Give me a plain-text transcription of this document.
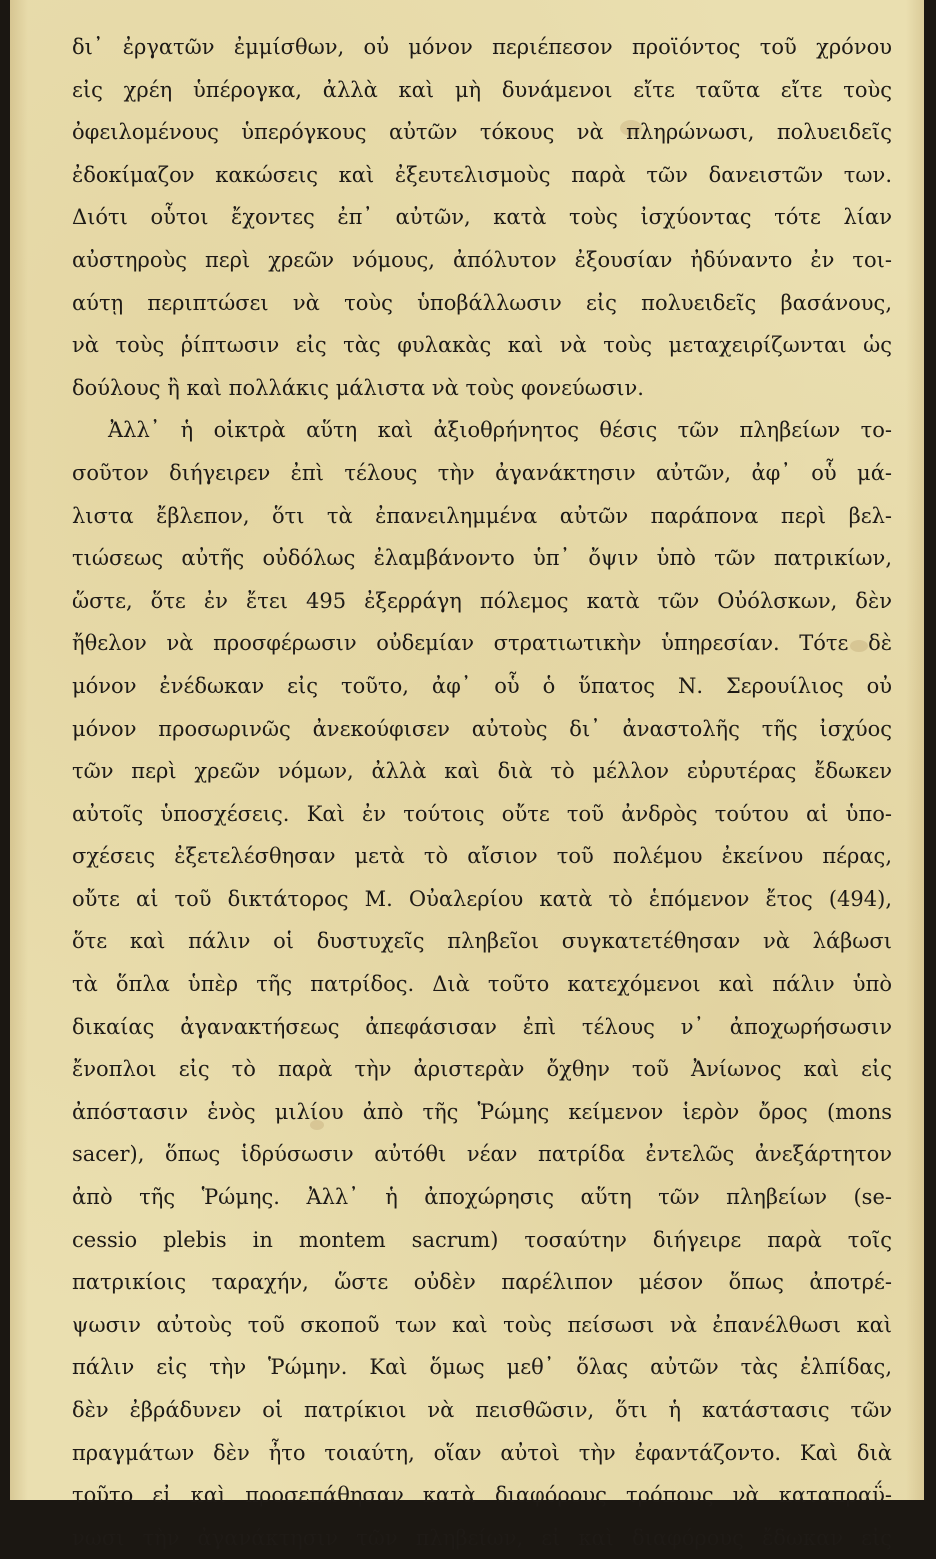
δι᾽ ἐργατῶν ἐμμίσθων, οὐ μόνον περιέπεσον προϊόντος τοῦ χρόνου
εἰς χρέη ὑπέρογκα, ἀλλὰ καὶ μὴ δυνάμενοι εἴτε ταῦτα εἴτε τοὺς
ὀφειλομένους ὑπερόγκους αὐτῶν τόκους νὰ πληρώνωσι, πολυειδεῖς
ἐδοκίμαζον κακώσεις καὶ ἐξευτελισμοὺς παρὰ τῶν δανειστῶν των.
Διότι οὗτοι ἔχοντες ἐπ᾽ αὐτῶν, κατὰ τοὺς ἰσχύοντας τότε λίαν
αὐστηροὺς περὶ χρεῶν νόμους, ἀπόλυτον ἐξουσίαν ἠδύναντο ἐν τοι-
αύτῃ περιπτώσει νὰ τοὺς ὑποβάλλωσιν εἰς πολυειδεῖς βασάνους,
νὰ τοὺς ῥίπτωσιν εἰς τὰς φυλακὰς καὶ νὰ τοὺς μεταχειρίζωνται ὡς
δούλους ἢ καὶ πολλάκις μάλιστα νὰ τοὺς φονεύωσιν.
Ἀλλ᾽ ἡ οἰκτρὰ αὕτη καὶ ἀξιοθρήνητος θέσις τῶν πληβείων το-
σοῦτον διήγειρεν ἐπὶ τέλους τὴν ἀγανάκτησιν αὐτῶν, ἀφ᾽ οὗ μά-
λιστα ἔβλεπον, ὅτι τὰ ἐπανειλημμένα αὐτῶν παράπονα περὶ βελ-
τιώσεως αὐτῆς οὐδόλως ἐλαμβάνοντο ὑπ᾽ ὄψιν ὑπὸ τῶν πατρικίων,
ὥστε, ὅτε ἐν ἔτει 495 ἐξερράγη πόλεμος κατὰ τῶν Οὐόλσκων, δὲν
ἤθελον νὰ προσφέρωσιν οὐδεμίαν στρατιωτικὴν ὑπηρεσίαν. Τότε δὲ
μόνον ἐνέδωκαν εἰς τοῦτο, ἀφ᾽ οὗ ὁ ὕπατος Ν. Σερουίλιος οὐ
μόνον προσωρινῶς ἀνεκούφισεν αὐτοὺς δι᾽ ἀναστολῆς τῆς ἰσχύος
τῶν περὶ χρεῶν νόμων, ἀλλὰ καὶ διὰ τὸ μέλλον εὐρυτέρας ἔδωκεν
αὐτοῖς ὑποσχέσεις. Καὶ ἐν τούτοις οὔτε τοῦ ἀνδρὸς τούτου αἱ ὑπο-
σχέσεις ἐξετελέσθησαν μετὰ τὸ αἴσιον τοῦ πολέμου ἐκείνου πέρας,
οὔτε αἱ τοῦ δικτάτορος Μ. Οὐαλερίου κατὰ τὸ ἑπόμενον ἔτος (494),
ὅτε καὶ πάλιν οἱ δυστυχεῖς πληβεῖοι συγκατετέθησαν νὰ λάβωσι
τὰ ὅπλα ὑπὲρ τῆς πατρίδος. Διὰ τοῦτο κατεχόμενοι καὶ πάλιν ὑπὸ
δικαίας ἀγανακτήσεως ἀπεφάσισαν ἐπὶ τέλους ν᾽ ἀποχωρήσωσιν
ἔνοπλοι εἰς τὸ παρὰ τὴν ἀριστερὰν ὄχθην τοῦ Ἀνίωνος καὶ εἰς
ἀπόστασιν ἑνὸς μιλίου ἀπὸ τῆς Ῥώμης κείμενον ἱερὸν ὄρος (mons
sacer), ὅπως ἱδρύσωσιν αὐτόθι νέαν πατρίδα ἐντελῶς ἀνεξάρτητον
ἀπὸ τῆς Ῥώμης. Ἀλλ᾽ ἡ ἀποχώρησις αὕτη τῶν πληβείων (se-
cessio plebis in montem sacrum) τοσαύτην διήγειρε παρὰ τοῖς
πατρικίοις ταραχήν, ὥστε οὐδὲν παρέλιπον μέσον ὅπως ἀποτρέ-
ψωσιν αὐτοὺς τοῦ σκοποῦ των καὶ τοὺς πείσωσι νὰ ἐπανέλθωσι καὶ
πάλιν εἰς τὴν Ῥώμην. Καὶ ὅμως μεθ᾽ ὅλας αὐτῶν τὰς ἐλπίδας,
δὲν ἐβράδυνεν οἱ πατρίκιοι νὰ πεισθῶσιν, ὅτι ἡ κατάστασις τῶν
πραγμάτων δὲν ἦτο τοιαύτη, οἵαν αὐτοὶ τὴν ἐφαντάζοντο. Καὶ διὰ
τοῦτο εἰ καὶ προσεπάθησαν κατὰ διαφόρους τρόπους νὰ καταπραΰ-
νωσι τὴν ἀγανάκτησιν τῶν πληβείων, εἰ καὶ διαφόρους ἔδωκαν εἰς
